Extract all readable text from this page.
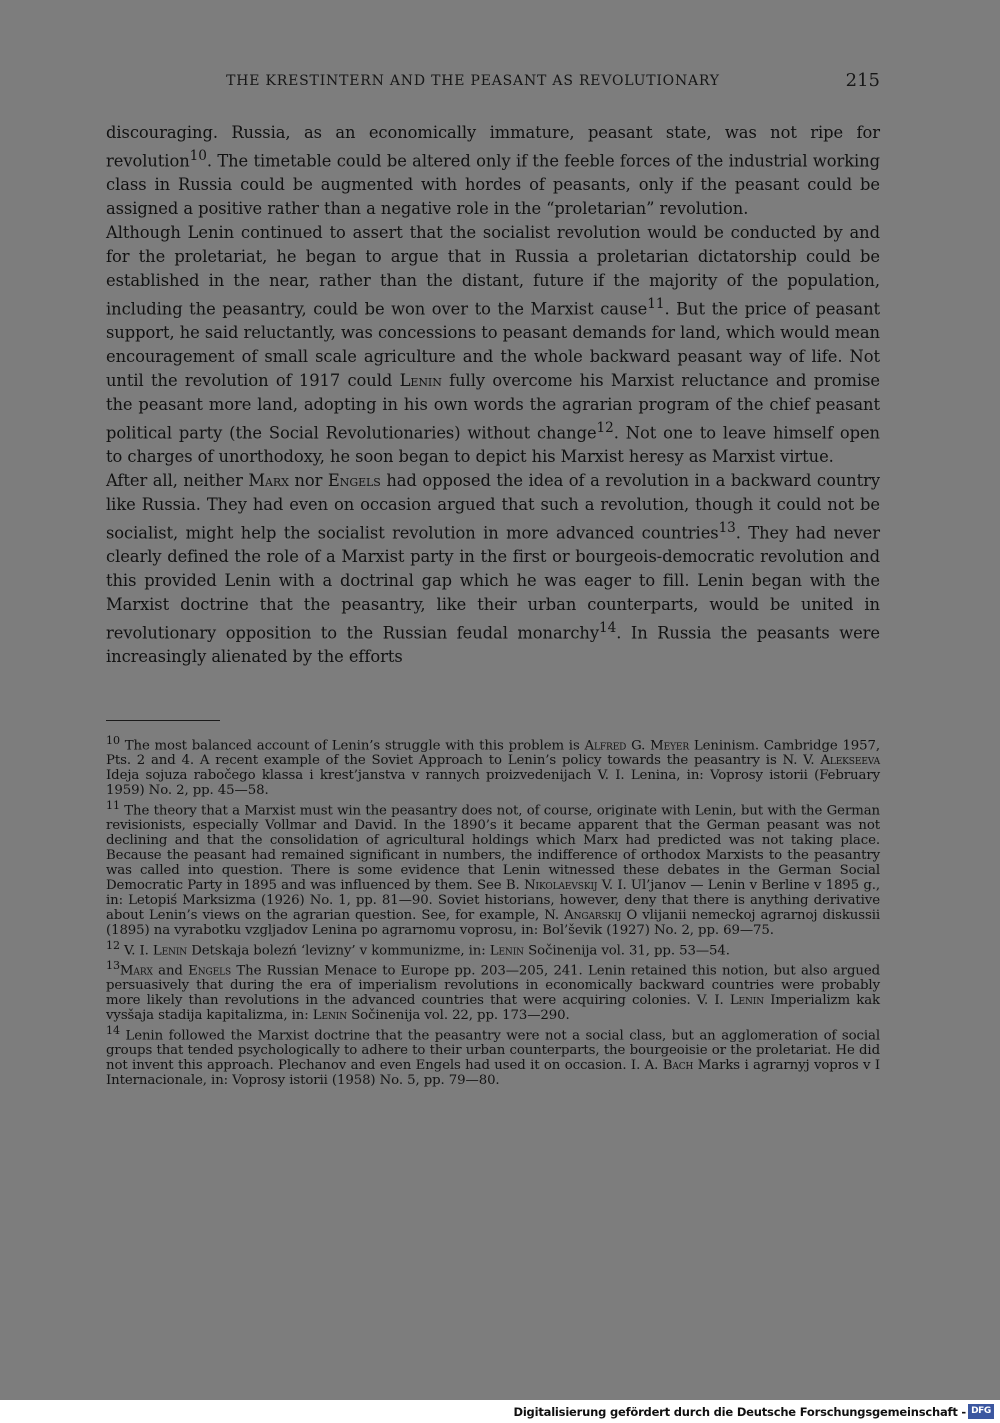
THE KRESTINTERN AND THE PEASANT AS REVOLUTIONARY	215

discouraging. Russia, as an economically immature, peasant state, was not ripe for revolution$^{10}$. The timetable could be altered only if the feeble forces of the industrial working class in Russia could be augmented with hordes of peasants, only if the peasant could be assigned a positive rather than a negative role in the “proletarian” revolution.

Although Lenin continued to assert that the socialist revolution would be conducted by and for the proletariat, he began to argue that in Russia a proletarian dictatorship could be established in the near, rather than the distant, future if the majority of the population, including the peasantry, could be won over to the Marxist cause$^{11}$. But the price of peasant support, he said reluctantly, was concessions to peasant demands for land, which would mean encouragement of small scale agriculture and the whole backward peasant way of life. Not until the revolution of 1917 could Lenin fully overcome his Marxist reluctance and promise the peasant more land, adopting in his own words the agrarian program of the chief peasant political party (the Social Revolutionaries) without change$^{12}$. Not one to leave himself open to charges of unorthodoxy, he soon began to depict his Marxist heresy as Marxist virtue.

After all, neither Marx nor Engels had opposed the idea of a revolution in a backward country like Russia. They had even on occasion argued that such a revolution, though it could not be socialist, might help the socialist revolution in more advanced countries$^{13}$. They had never clearly defined the role of a Marxist party in the first or bourgeois-democratic revolution and this provided Lenin with a doctrinal gap which he was eager to fill. Lenin began with the Marxist doctrine that the peasantry, like their urban counterparts, would be united in revolutionary opposition to the Russian feudal monarchy$^{14}$. In Russia the peasants were increasingly alienated by the efforts

$^{10}$ The most balanced account of Lenin’s struggle with this problem is Alfred G. Meyer Leninism. Cambridge 1957, Pts. 2 and 4. A recent example of the Soviet Approach to Lenin’s policy towards the peasantry is N. V. Alekseeva Ideja sojuza rabočego klassa i krest’janstva v rannych proizvedenijach V. I. Lenina, in: Voprosy istorii (February 1959) No. 2, pp. 45—58.

$^{11}$ The theory that a Marxist must win the peasantry does not, of course, originate with Lenin, but with the German revisionists, especially Vollmar and David. In the 1890’s it became apparent that the German peasant was not declining and that the consolidation of agricultural holdings which Marx had predicted was not taking place. Because the peasant had remained significant in numbers, the indifference of orthodox Marxists to the peasantry was called into question. There is some evidence that Lenin witnessed these debates in the German Social Democratic Party in 1895 and was influenced by them. See B. Nikolaevskij V. I. Ul’janov — Lenin v Berline v 1895 g., in: Letopiś Marksizma (1926) No. 1, pp. 81—90. Soviet historians, however, deny that there is anything derivative about Lenin’s views on the agrarian question. See, for example, N. Angarskij O vlijanii nemeckoj agrarnoj diskussii (1895) na vyrabotku vzgljadov Lenina po agrarnomu voprosu, in: Bol’ševik (1927) No. 2, pp. 69—75.

$^{12}$ V. I. Lenin Detskaja bolezń ‘levizny’ v kommunizme, in: Lenin Sočinenija vol. 31, pp. 53—54.

$^{13}$Marx and Engels The Russian Menace to Europe pp. 203—205, 241. Lenin retained this notion, but also argued persuasively that during the era of imperialism revolutions in economically backward countries were probably more likely than revolutions in the advanced countries that were acquiring colonies. V. I. Lenin Imperializm kak vysšaja stadija kapitalizma, in: Lenin Sočinenija vol. 22, pp. 173—290.

$^{14}$ Lenin followed the Marxist doctrine that the peasantry were not a social class, but an agglomeration of social groups that tended psychologically to adhere to their urban counterparts, the bourgeoisie or the proletariat. He did not invent this approach. Plechanov and even Engels had used it on occasion. I. A. Bach Marks i agrarnyj vopros v I Internacionale, in: Voprosy istorii (1958) No. 5, pp. 79—80.

Digitalisierung gefördert durch die Deutsche Forschungsgemeinschaft - DFG
